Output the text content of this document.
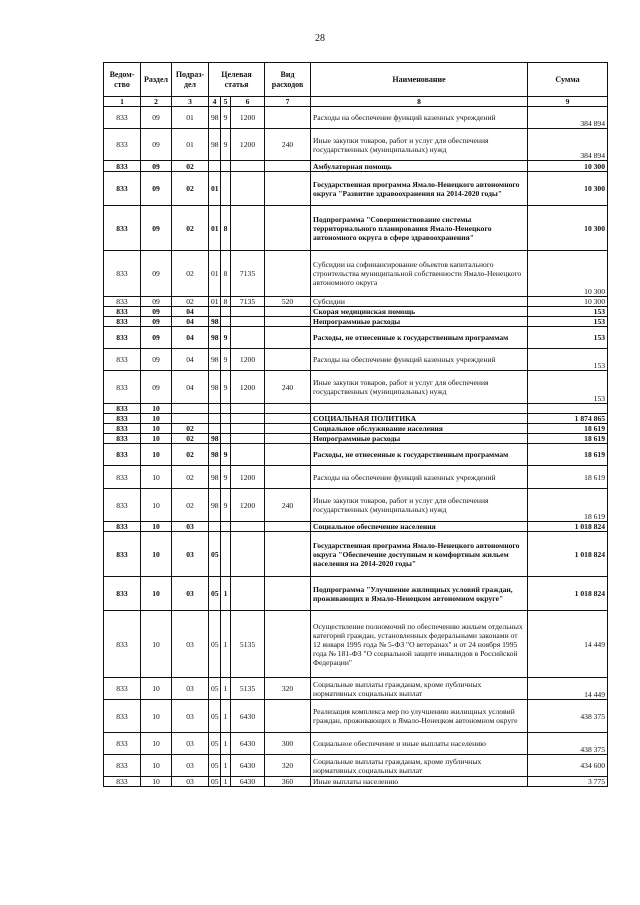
28
Ведом-ство	Раздел	Подраз-дел	Целевая статья			Вид расходов	Наименование	Сумма
1	2	3	4	5	6	7	8	9
833	09	01	98	9	1200		Расходы на обеспечение функций казенных учреждений	384 894
833	09	01	98	9	1200	240	Иные закупки товаров, работ и услуг для обеспечения государственных (муниципальных) нужд	384 894
833	09	02					Амбулаторная помощь	10 300
833	09	02	01				Государственная программа Ямало-Ненецкого автономного округа "Развитие здравоохранения на 2014-2020 годы"	10 300
833	09	02	01	8			Подпрограмма "Совершенствование системы территориального планирования Ямало-Ненецкого автономного округа в сфере здравоохранения"	10 300
833	09	02	01	8	7135		Субсидии на софинансирование объектов капитального строительства муниципальной собственности Ямало-Ненецкого автономного округа	10 300
833	09	02	01	8	7135	520	Субсидии	10 300
833	09	04					Скорая медицинская помощь	153
833	09	04	98				Непрограммные расходы	153
833	09	04	98	9			Расходы, не отнесенные к государственным программам	153
833	09	04	98	9	1200		Расходы на обеспечение функций казенных учреждений	153
833	09	04	98	9	1200	240	Иные закупки товаров, работ и услуг для обеспечения государственных (муниципальных) нужд	153
833	10							
833	10						СОЦИАЛЬНАЯ ПОЛИТИКА	1 874 865
833	10	02					Социальное обслуживание населения	18 619
833	10	02	98				Непрограммные расходы	18 619
833	10	02	98	9			Расходы, не отнесенные к государственным программам	18 619
833	10	02	98	9	1200		Расходы на обеспечение функций казенных учреждений	18 619
833	10	02	98	9	1200	240	Иные закупки товаров, работ и услуг для обеспечения государственных (муниципальных) нужд	18 619
833	10	03					Социальное обеспечение населения	1 018 824
833	10	03	05				Государственная программа Ямало-Ненецкого автономного округа "Обеспечение доступным и комфортным жильем населения на 2014-2020 годы"	1 018 824
833	10	03	05	1			Подпрограмма "Улучшение жилищных условий граждан, проживающих в Ямало-Ненецком автономном округе"	1 018 824
833	10	03	05	1	5135		Осуществление полномочий по обеспечению жильем отдельных категорий граждан, установленных федеральными законами от 12 января 1995 года № 5-ФЗ "О ветеранах" и от 24 ноября 1995 года № 181-ФЗ "О социальной защите инвалидов в Российской Федерации"	14 449
833	10	03	05	1	5135	320	Социальные выплаты гражданам, кроме публичных нормативных социальных выплат	14 449
833	10	03	05	1	6430		Реализация комплекса мер по улучшению жилищных условий граждан, проживающих в Ямало-Ненецком автономном округе	438 375
833	10	03	05	1	6430	300	Социальное обеспечение и иные выплаты населению	438 375
833	10	03	05	1	6430	320	Социальные выплаты гражданам, кроме публичных нормативных социальных выплат	434 600
833	10	03	05	1	6430	360	Иные выплаты населению	3 775
